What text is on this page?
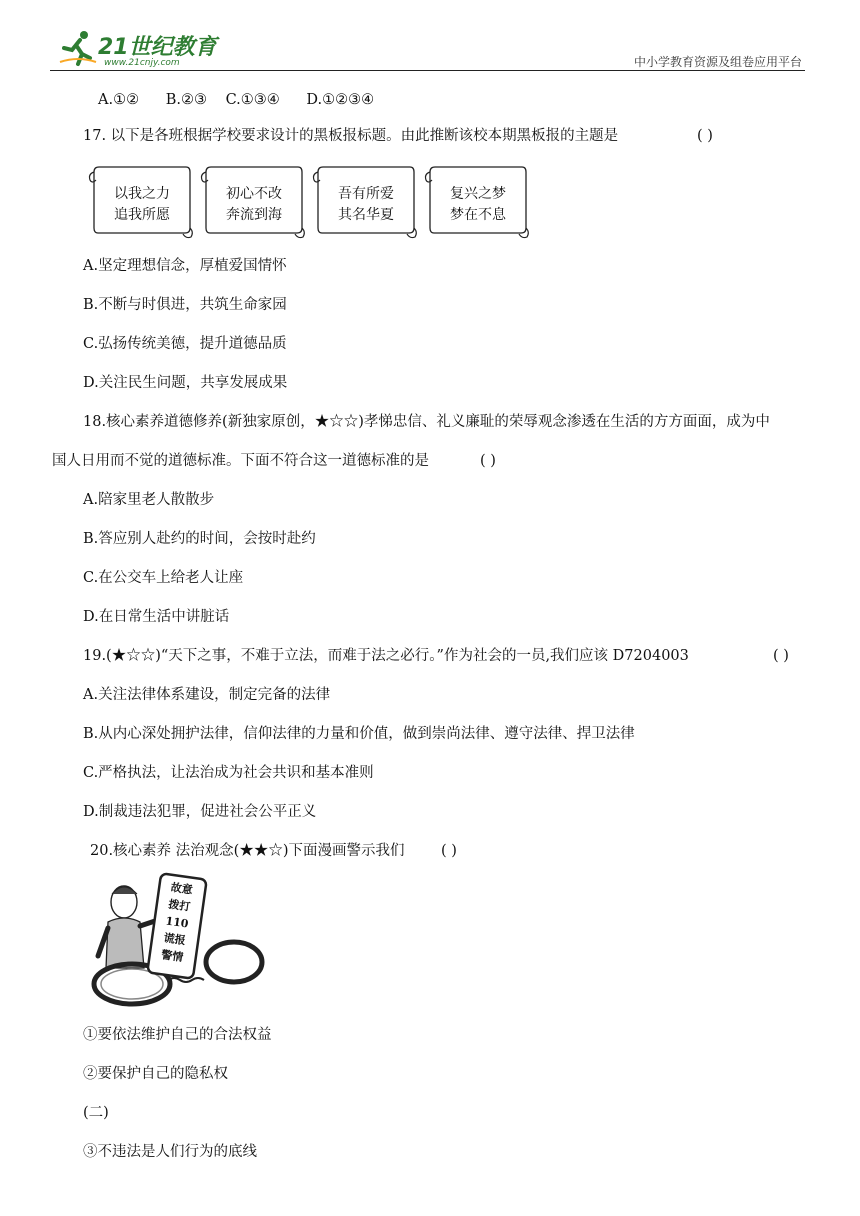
21世纪教育
www.21cnjy.com	中小学教育资源及组卷应用平台
A.①② B.②③ C.①③④ D.①②③④
17. 以下是各班根据学校要求设计的黑板报标题。由此推断该校本期黑板报的主题是	( )
以我之力
追我所愿
初心不改
奔流到海
吾有所爱
其名华夏
复兴之梦
梦在不息
A.坚定理想信念，厚植爱国情怀
B.不断与时俱进，共筑生命家园
C.弘扬传统美德，提升道德品质
D.关注民生问题，共享发展成果
18.核心素养道德修养(新独家原创，★☆☆)孝悌忠信、礼义廉耻的荣辱观念渗透在生活的方方面面，成为中
国人日用而不觉的道德标准。下面不符合这一道德标准的是	( )
A.陪家里老人散散步
B.答应别人赴约的时间，会按时赴约
C.在公交车上给老人让座
D.在日常生活中讲脏话
19.(★☆☆)“天下之事，不难于立法，而难于法之必行。”作为社会的一员,我们应该 D7204003	( )
A.关注法律体系建设，制定完备的法律
B.从内心深处拥护法律，信仰法律的力量和价值，做到崇尚法律、遵守法律、捍卫法律
C.严格执法，让法治成为社会共识和基本准则
D.制裁违法犯罪，促进社会公平正义
20.核心素养 法治观念(★★☆)下面漫画警示我们	( )
故意
拨打
110
谎报
警情
①要依法维护自己的合法权益
②要保护自己的隐私权
(二)
③不违法是人们行为的底线
